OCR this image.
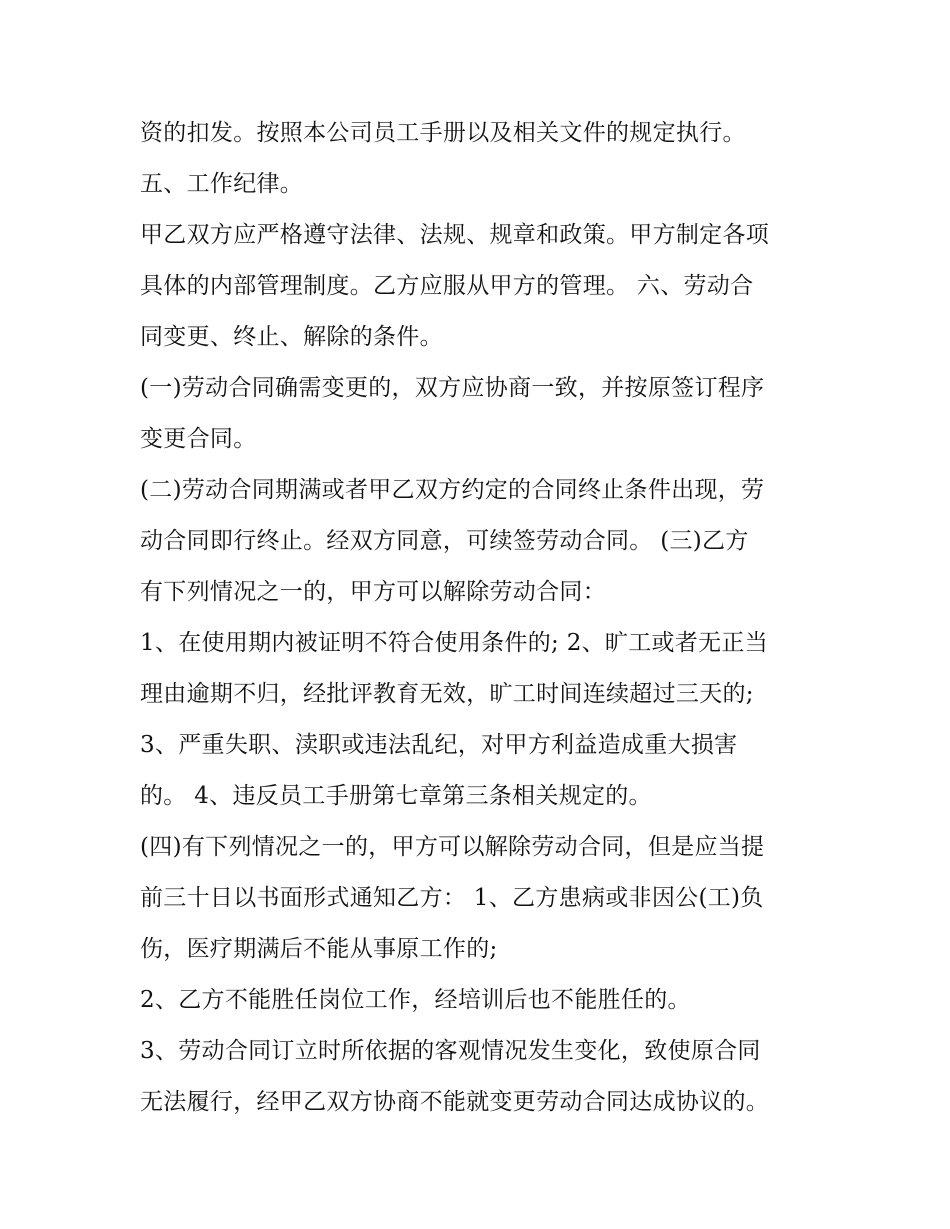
资的扣发。按照本公司员工手册以及相关文件的规定执行。
五、工作纪律。
甲乙双方应严格遵守法律、法规、规章和政策。甲方制定各项
具体的内部管理制度。乙方应服从甲方的管理。 六、劳动合
同变更、终止、解除的条件。
(一)劳动合同确需变更的，双方应协商一致，并按原签订程序
变更合同。
(二)劳动合同期满或者甲乙双方约定的合同终止条件出现，劳
动合同即行终止。经双方同意，可续签劳动合同。 (三)乙方
有下列情况之一的，甲方可以解除劳动合同：
1、在使用期内被证明不符合使用条件的; 2、旷工或者无正当
理由逾期不归，经批评教育无效，旷工时间连续超过三天的;
3、严重失职、渎职或违法乱纪，对甲方利益造成重大损害
的。 4、违反员工手册第七章第三条相关规定的。
(四)有下列情况之一的，甲方可以解除劳动合同，但是应当提
前三十日以书面形式通知乙方： 1、乙方患病或非因公(工)负
伤，医疗期满后不能从事原工作的;
2、乙方不能胜任岗位工作，经培训后也不能胜任的。
3、劳动合同订立时所依据的客观情况发生变化，致使原合同
无法履行，经甲乙双方协商不能就变更劳动合同达成协议的。
